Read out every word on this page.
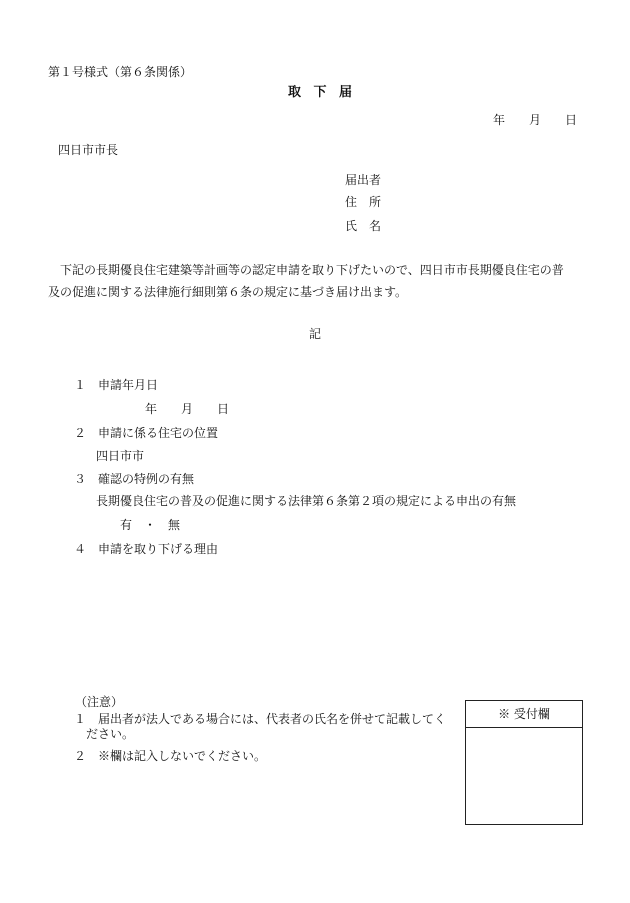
第１号様式（第６条関係）
取 下 届
年　　月　　日
四日市市長
届出者
住　所
氏　名
下記の長期優良住宅建築等計画等の認定申請を取り下げたいので、四日市市長期優良住宅の普
及の促進に関する法律施行細則第６条の規定に基づき届け出ます。
記
１　申請年月日
年　　月　　日
２　申請に係る住宅の位置
四日市市
３　確認の特例の有無
長期優良住宅の普及の促進に関する法律第６条第２項の規定による申出の有無
有　・　無
４　申請を取り下げる理由
（注意）
１　届出者が法人である場合には、代表者の氏名を併せて記載してく
ださい。
２　※欄は記入しないでください。
※ 受付欄
